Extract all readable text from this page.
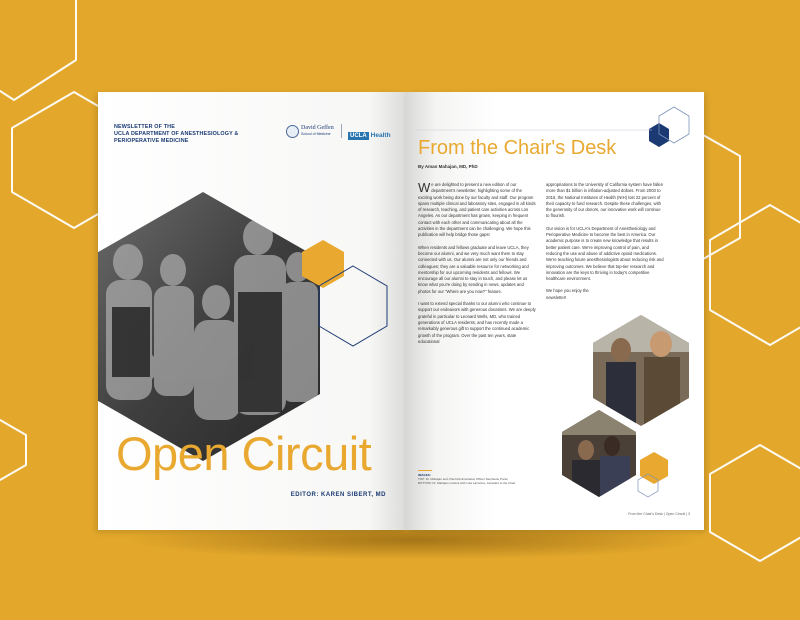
NEWSLETTER OF THE
UCLA DEPARTMENT OF ANESTHESIOLOGY & PERIOPERATIVE MEDICINE
David Geffen
School of Medicine	UCLA Health
Open Circuit
EDITOR: KAREN SIBERT, MD
From the Chair's Desk
By Aman Mahajan, MD, PhD

We are delighted to present a new edition of our department's newsletter, highlighting some of the exciting work being done by our faculty and staff. Our program spans multiple clinical and laboratory sites, engaged in all kinds of research, teaching, and patient care activities across Los Angeles. As our department has grown, keeping in frequent contact with each other and communicating about all the activities in the department can be challenging. We hope this publication will help bridge those gaps!

When residents and fellows graduate and leave UCLA, they become our alumni, and we very much want them to stay connected with us. Our alumni are not only our friends and colleagues; they are a valuable resource for networking and mentorship for our upcoming residents and fellows. We encourage all our alumni to stay in touch, and please let us know what you're doing by sending in news, updates and photos for our "Where are you now?" feature.

I want to extend special thanks to our alumni who continue to support our endeavors with generous donations. We are deeply grateful in particular to Leonard Wells, MD, who trained generations of UCLA residents, and has recently made a remarkably generous gift to support the continued academic growth of the program. Over the past ten years, state educational

appropriations to the University of California system have fallen more than $1 billion in inflation-adjusted dollars. From 2003 to 2016, the National Institutes of Health (NIH) lost 22 percent of their capacity to fund research. Despite these challenges, with the generosity of our donors, our innovative work will continue to flourish.

Our vision is for UCLA's Department of Anesthesiology and Perioperative Medicine to become the best in America. Our academic purpose is to create new knowledge that results in better patient care. We're improving control of pain, and reducing the use and abuse of addictive opioid medications. We're teaching future anesthesiologists about reducing risk and improving outcomes. We believe that top-tier research and innovation are the keys to thriving in today's competitive healthcare environment.

We hope you enjoy the newsletter!

IMAGES:
TOP: Dr. Mahajan and Chief Administrative Officer Stephanie Porter
BOTTOM: Dr. Mahajan confers with Lola Larriviere, Assistant to the Chair
From the Chair's Desk | Open Circuit | 3
